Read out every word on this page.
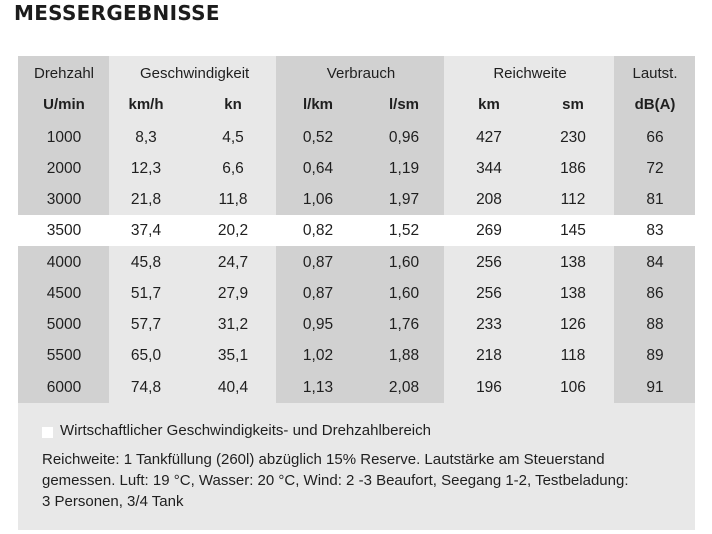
MESSERGEBNISSE
Drehzahl	Geschwindigkeit	Verbrauch	Reichweite	Lautst.
U/min	km/h	kn	l/km	l/sm	km	sm	dB(A)
1000	8,3	4,5	0,52	0,96	427	230	66
2000	12,3	6,6	0,64	1,19	344	186	72
3000	21,8	11,8	1,06	1,97	208	112	81
3500	37,4	20,2	0,82	1,52	269	145	83
4000	45,8	24,7	0,87	1,60	256	138	84
4500	51,7	27,9	0,87	1,60	256	138	86
5000	57,7	31,2	0,95	1,76	233	126	88
5500	65,0	35,1	1,02	1,88	218	118	89
6000	74,8	40,4	1,13	2,08	196	106	91
Wirtschaftlicher Geschwindigkeits- und Drehzahlbereich
Reichweite: 1 Tankfüllung (260l) abzüglich 15% Reserve. Lautstärke am Steuerstand
gemessen. Luft: 19 °C, Wasser: 20 °C, Wind: 2 -3 Beaufort, Seegang 1-2, Testbeladung:
3 Personen, 3/4 Tank
